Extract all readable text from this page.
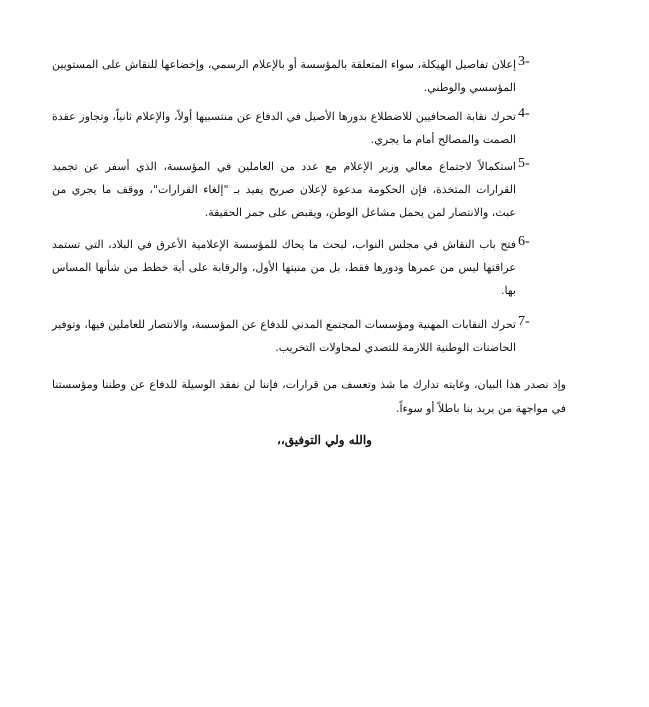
3-
إعلان تفاصيل الهيكلة، سواء المتعلقة بالمؤسسة أو بالإعلام الرسمي، وإخضاعها للنقاش على المستويين المؤسسي والوطني.
4-
تحرك نقابة الصحافيين للاضطلاع بدورها الأصيل في الدفاع عن منتسبيها أولاً، والإعلام ثانياً، وتجاوز عقدة الصمت والمصالح أمام ما يجري.
5-
استكمالاً لاجتماع معالي وزير الإعلام مع عدد من العاملين في المؤسسة، الذي أسفر عن تجميد القرارات المتخذة، فإن الحكومة مدعوة لإعلان صريح يفيد بـ "إلغاء القرارات"، ووقف ما يجري من عبث، والانتصار لمن يحمل مشاعل الوطن، ويقبض على جمر الحقيقة.
6-
فتح باب النقاش في مجلس النواب، لبحث ما يحاك للمؤسسة الإعلامية الأعرق في البلاد، التي تستمد عراقتها ليس من عمرها ودورها فقط، بل من منبتها الأول، والرقابة على أية خطط من شأنها المساس بها.
7-
تحرك النقابات المهنية ومؤسسات المجتمع المدني للدفاع عن المؤسسة، والانتصار للعاملين فيها، وتوفير الحاضنات الوطنية اللازمة للتصدي لمحاولات التخريب.
وإذ نصدر هذا البيان، وغايته تدارك ما شذ وتعسف من قرارات، فإننا لن نفقد الوسيلة للدفاع عن وطننا ومؤسستنا في مواجهة من يريد بنا باطلاً أو سوءاً.
والله ولي التوفيق،،
